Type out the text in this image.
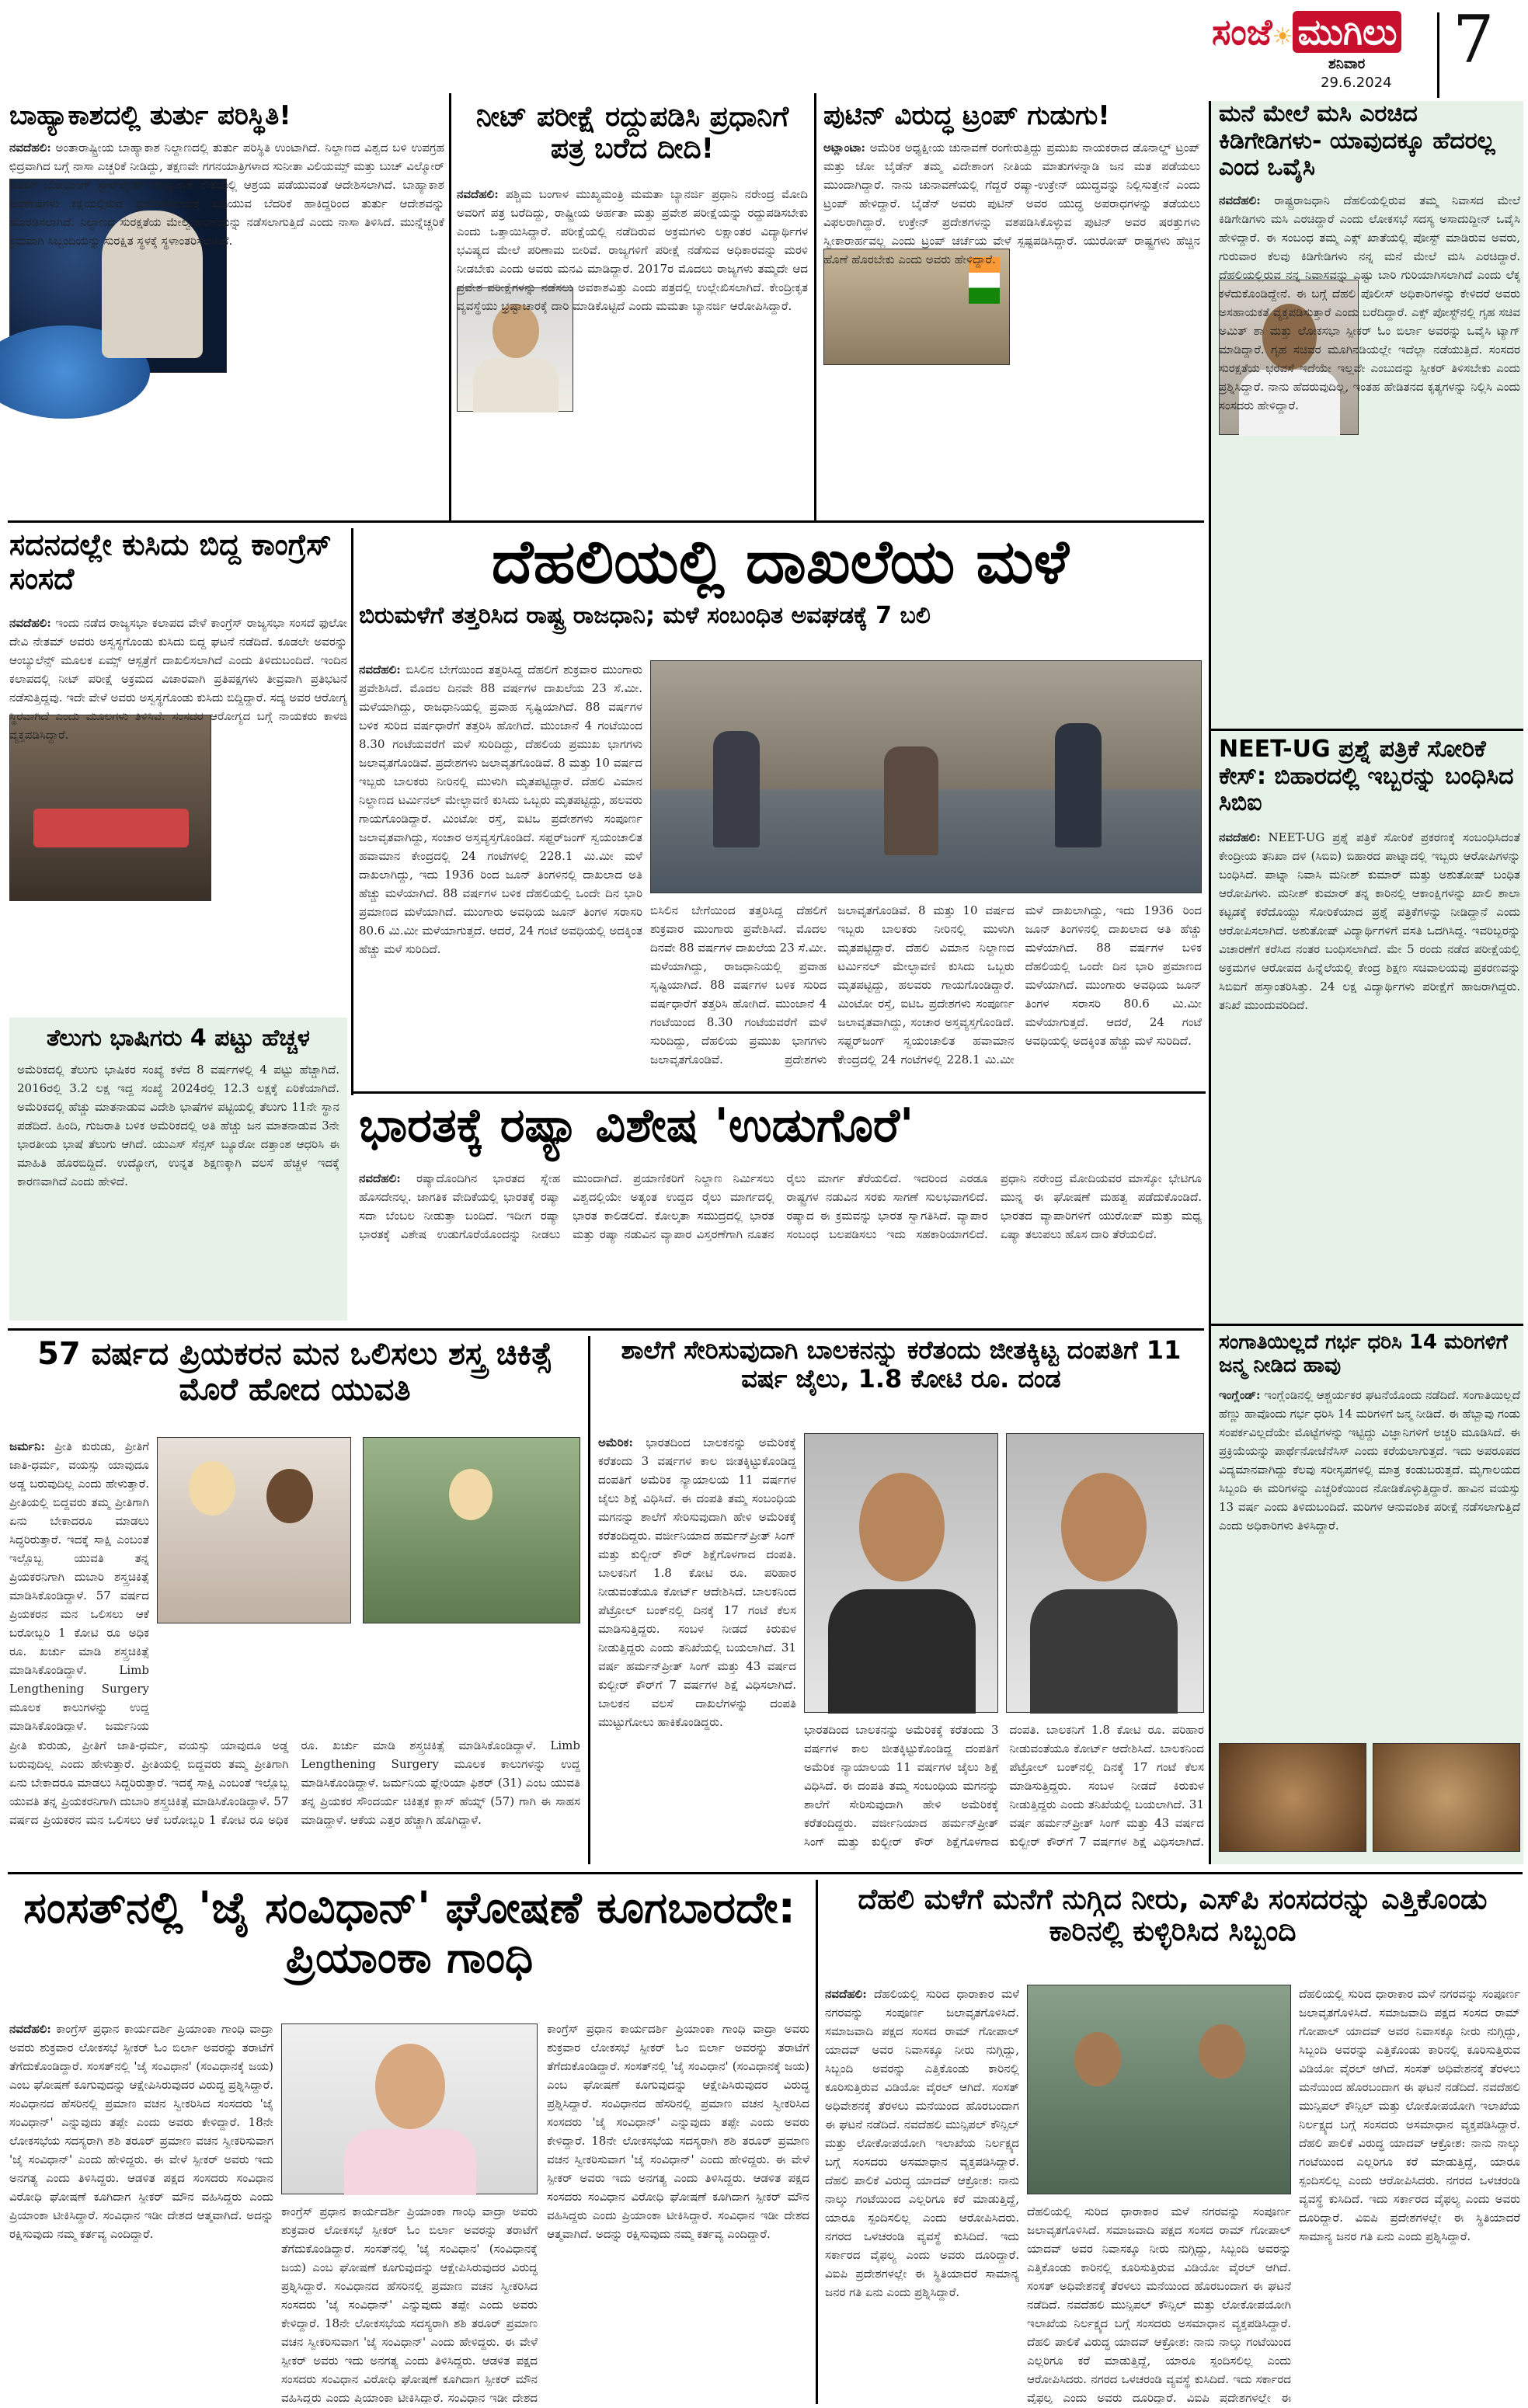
ಸಂಜೆ☀ ಮುಗಿಲು
ಶನಿವಾರ
29.6.2024
7
ಬಾಹ್ಯಾಕಾಶದಲ್ಲಿ ತುರ್ತು ಪರಿಸ್ಥಿತಿ!
ನವದೆಹಲಿ: ಅಂತಾರಾಷ್ಟ್ರೀಯ ಬಾಹ್ಯಾಕಾಶ ನಿಲ್ದಾಣದಲ್ಲಿ ತುರ್ತು ಪರಿಸ್ಥಿತಿ ಉಂಟಾಗಿದೆ. ನಿಲ್ದಾಣದ ವಿಶ್ವದ ಬಳಿ ಉಪಗ್ರಹ ಛಿದ್ರವಾಗಿದ ಬಗ್ಗೆ ನಾಸಾ ಎಚ್ಚರಿಕೆ ನೀಡಿದ್ದು, ತಕ್ಷಣವೇ ಗಗನಯಾತ್ರಿಗಳಾದ ಸುನೀತಾ ವಿಲಿಯಮ್ಸ್ ಮತ್ತು ಬುಚ್ ವಿಲ್ಮೋರ್ ಅವರಿಗೆ ಬೋಯಿಂಗ್ ಸ್ಟಾರ್‌ಲೈನರ್ ಬಾಹ್ಯಾಕಾಶ ನೌಕೆಯಲ್ಲಿ ಆಶ್ರಯ ಪಡೆಯುವಂತೆ ಆದೇಶಿಸಲಾಗಿದೆ. ಬಾಹ್ಯಾಕಾಶ ಅವಶೇಷಗಳು ಕಕ್ಷೆಯಲ್ಲಿರುವ ಪ್ರಯೋಗಾಲಯಕ್ಕೆ ಬಡಿಯುವ ಬೆದರಿಕೆ ಹಾಕಿದ್ದರಿಂದ ತುರ್ತು ಆದೇಶವನ್ನು ಹೊರಡಿಸಲಾಗಿದೆ. ನಿಲ್ದಾಣದ ಸುರಕ್ಷತೆಯ ಮೇಲ್ವಿಚಾರಣೆಯನ್ನು ನಡೆಸಲಾಗುತ್ತಿದೆ ಎಂದು ನಾಸಾ ತಿಳಿಸಿದೆ. ಮುನ್ನೆಚ್ಚರಿಕೆ ಕ್ರಮವಾಗಿ ಸಿಬ್ಬಂದಿಯನ್ನು ಸುರಕ್ಷಿತ ಸ್ಥಳಕ್ಕೆ ಸ್ಥಳಾಂತರಿಸಲಾಗಿದೆ.
ನೀಟ್ ಪರೀಕ್ಷೆ ರದ್ದುಪಡಿಸಿ ಪ್ರಧಾನಿಗೆ ಪತ್ರ ಬರೆದ ದೀದಿ!
ನವದೆಹಲಿ: ಪಶ್ಚಿಮ ಬಂಗಾಳ ಮುಖ್ಯಮಂತ್ರಿ ಮಮತಾ ಬ್ಯಾನರ್ಜಿ ಪ್ರಧಾನಿ ನರೇಂದ್ರ ಮೋದಿ ಅವರಿಗೆ ಪತ್ರ ಬರೆದಿದ್ದು, ರಾಷ್ಟ್ರೀಯ ಅರ್ಹತಾ ಮತ್ತು ಪ್ರವೇಶ ಪರೀಕ್ಷೆಯನ್ನು ರದ್ದುಪಡಿಸಬೇಕು ಎಂದು ಒತ್ತಾಯಿಸಿದ್ದಾರೆ. ಪರೀಕ್ಷೆಯಲ್ಲಿ ನಡೆದಿರುವ ಅಕ್ರಮಗಳು ಲಕ್ಷಾಂತರ ವಿದ್ಯಾರ್ಥಿಗಳ ಭವಿಷ್ಯದ ಮೇಲೆ ಪರಿಣಾಮ ಬೀರಿವೆ. ರಾಜ್ಯಗಳಿಗೆ ಪರೀಕ್ಷೆ ನಡೆಸುವ ಅಧಿಕಾರವನ್ನು ಮರಳಿ ನೀಡಬೇಕು ಎಂದು ಅವರು ಮನವಿ ಮಾಡಿದ್ದಾರೆ. 2017ರ ಮೊದಲು ರಾಜ್ಯಗಳು ತಮ್ಮದೇ ಆದ ಪ್ರವೇಶ ಪರೀಕ್ಷೆಗಳನ್ನು ನಡೆಸಲು ಅವಕಾಶವಿತ್ತು ಎಂದು ಪತ್ರದಲ್ಲಿ ಉಲ್ಲೇಖಿಸಲಾಗಿದೆ. ಕೇಂದ್ರೀಕೃತ ವ್ಯವಸ್ಥೆಯು ಭ್ರಷ್ಟಾಚಾರಕ್ಕೆ ದಾರಿ ಮಾಡಿಕೊಟ್ಟಿದೆ ಎಂದು ಮಮತಾ ಬ್ಯಾನರ್ಜಿ ಆರೋಪಿಸಿದ್ದಾರೆ.
ಪುಟಿನ್ ವಿರುದ್ಧ ಟ್ರಂಪ್ ಗುಡುಗು!
ಅಟ್ಲಾಂಟಾ: ಅಮೆರಿಕ ಅಧ್ಯಕ್ಷೀಯ ಚುನಾವಣೆ ರಂಗೇರುತ್ತಿದ್ದು ಪ್ರಮುಖ ನಾಯಕರಾದ ಡೊನಾಲ್ಡ್ ಟ್ರಂಪ್ ಮತ್ತು ಜೋ ಬೈಡೆನ್ ತಮ್ಮ ವಿದೇಶಾಂಗ ನೀತಿಯ ಮಾತುಗಳನ್ನಾಡಿ ಜನ ಮತ ಪಡೆಯಲು ಮುಂದಾಗಿದ್ದಾರೆ. ನಾನು ಚುನಾವಣೆಯಲ್ಲಿ ಗೆದ್ದರೆ ರಷ್ಯಾ-ಉಕ್ರೇನ್ ಯುದ್ಧವನ್ನು ನಿಲ್ಲಿಸುತ್ತೇನೆ ಎಂದು ಟ್ರಂಪ್ ಹೇಳಿದ್ದಾರೆ. ಬೈಡೆನ್ ಅವರು ಪುಟಿನ್ ಅವರ ಯುದ್ಧ ಅಪರಾಧಗಳನ್ನು ತಡೆಯಲು ವಿಫಲರಾಗಿದ್ದಾರೆ. ಉಕ್ರೇನ್ ಪ್ರದೇಶಗಳನ್ನು ವಶಪಡಿಸಿಕೊಳ್ಳುವ ಪುಟಿನ್ ಅವರ ಷರತ್ತುಗಳು ಸ್ವೀಕಾರಾರ್ಹವಲ್ಲ ಎಂದು ಟ್ರಂಪ್ ಚರ್ಚೆಯ ವೇಳೆ ಸ್ಪಷ್ಟಪಡಿಸಿದ್ದಾರೆ. ಯುರೋಪ್ ರಾಷ್ಟ್ರಗಳು ಹೆಚ್ಚಿನ ಹೊಣೆ ಹೊರಬೇಕು ಎಂದು ಅವರು ಹೇಳಿದ್ದಾರೆ.
ಮನೆ ಮೇಲೆ ಮಸಿ ಎರಚಿದ ಕಿಡಿಗೇಡಿಗಳು- ಯಾವುದಕ್ಕೂ ಹೆದರಲ್ಲ ಎಂದ ಒವೈಸಿ
ನವದೆಹಲಿ: ರಾಷ್ಟ್ರರಾಜಧಾನಿ ದೆಹಲಿಯಲ್ಲಿರುವ ತಮ್ಮ ನಿವಾಸದ ಮೇಲೆ ಕಿಡಿಗೇಡಿಗಳು ಮಸಿ ಎರಚಿದ್ದಾರೆ ಎಂದು ಲೋಕಸಭೆ ಸದಸ್ಯ ಅಸಾದುದ್ದೀನ್ ಒವೈಸಿ ಹೇಳಿದ್ದಾರೆ. ಈ ಸಂಬಂಧ ತಮ್ಮ ಎಕ್ಸ್ ಖಾತೆಯಲ್ಲಿ ಪೋಸ್ಟ್ ಮಾಡಿರುವ ಅವರು, ಗುರುವಾರ ಕೆಲವು ಕಿಡಿಗೇಡಿಗಳು ನನ್ನ ಮನೆ ಮೇಲೆ ಮಸಿ ಎರಚಿದ್ದಾರೆ. ದೆಹಲಿಯಲ್ಲಿರುವ ನನ್ನ ನಿವಾಸವನ್ನು ಎಷ್ಟು ಬಾರಿ ಗುರಿಯಾಗಿಸಲಾಗಿದೆ ಎಂದು ಲೆಕ್ಕ ಕಳೆದುಕೊಂಡಿದ್ದೇನೆ. ಈ ಬಗ್ಗೆ ದೆಹಲಿ ಪೊಲೀಸ್ ಅಧಿಕಾರಿಗಳನ್ನು ಕೇಳಿದರೆ ಅವರು ಅಸಹಾಯಕತೆ ವ್ಯಕ್ತಪಡಿಸುತ್ತಾರೆ ಎಂದು ಬರೆದಿದ್ದಾರೆ. ಎಕ್ಸ್ ಪೋಸ್ಟ್‌ನಲ್ಲಿ ಗೃಹ ಸಚಿವ ಅಮಿತ್ ಶಾ ಮತ್ತು ಲೋಕಸಭಾ ಸ್ಪೀಕರ್ ಓಂ ಬಿರ್ಲಾ ಅವರನ್ನು ಒವೈಸಿ ಟ್ಯಾಗ್ ಮಾಡಿದ್ದಾರೆ. ಗೃಹ ಸಚಿವರ ಮೂಗಿನಡಿಯಲ್ಲೇ ಇದೆಲ್ಲಾ ನಡೆಯುತ್ತಿದೆ. ಸಂಸದರ ಸುರಕ್ಷತೆಯ ಭರವಸೆ ಇದೆಯೇ ಇಲ್ಲವೇ ಎಂಬುದನ್ನು ಸ್ಪೀಕರ್ ತಿಳಿಸಬೇಕು ಎಂದು ಪ್ರಶ್ನಿಸಿದ್ದಾರೆ. ನಾನು ಹೆದರುವುದಿಲ್ಲ, ಇಂತಹ ಹೇಡಿತನದ ಕೃತ್ಯಗಳನ್ನು ನಿಲ್ಲಿಸಿ ಎಂದು ಸಂಸದರು ಹೇಳಿದ್ದಾರೆ.
NEET-UG ಪ್ರಶ್ನೆ ಪತ್ರಿಕೆ ಸೋರಿಕೆ ಕೇಸ್: ಬಿಹಾರದಲ್ಲಿ ಇಬ್ಬರನ್ನು ಬಂಧಿಸಿದ ಸಿಬಿಐ
ನವದೆಹಲಿ: NEET-UG ಪ್ರಶ್ನೆ ಪತ್ರಿಕೆ ಸೋರಿಕೆ ಪ್ರಕರಣಕ್ಕೆ ಸಂಬಂಧಿಸಿದಂತೆ ಕೇಂದ್ರೀಯ ತನಿಖಾ ದಳ (ಸಿಬಿಐ) ಬಿಹಾರದ ಪಾಟ್ನಾದಲ್ಲಿ ಇಬ್ಬರು ಆರೋಪಿಗಳನ್ನು ಬಂಧಿಸಿದೆ. ಪಾಟ್ನಾ ನಿವಾಸಿ ಮನೀಶ್ ಕುಮಾರ್ ಮತ್ತು ಅಶುತೋಷ್ ಬಂಧಿತ ಆರೋಪಿಗಳು. ಮನೀಶ್ ಕುಮಾರ್ ತನ್ನ ಕಾರಿನಲ್ಲಿ ಆಕಾಂಕ್ಷಿಗಳನ್ನು ಖಾಲಿ ಶಾಲಾ ಕಟ್ಟಡಕ್ಕೆ ಕರೆದೊಯ್ದು ಸೋರಿಕೆಯಾದ ಪ್ರಶ್ನೆ ಪತ್ರಿಕೆಗಳನ್ನು ನೀಡಿದ್ದಾನೆ ಎಂದು ಆರೋಪಿಸಲಾಗಿದೆ. ಅಶುತೋಷ್ ವಿದ್ಯಾರ್ಥಿಗಳಿಗೆ ವಸತಿ ಒದಗಿಸಿದ್ದ. ಇವರಿಬ್ಬರನ್ನು ವಿಚಾರಣೆಗೆ ಕರೆಸಿದ ನಂತರ ಬಂಧಿಸಲಾಗಿದೆ. ಮೇ 5 ರಂದು ನಡೆದ ಪರೀಕ್ಷೆಯಲ್ಲಿ ಅಕ್ರಮಗಳ ಆರೋಪದ ಹಿನ್ನೆಲೆಯಲ್ಲಿ ಕೇಂದ್ರ ಶಿಕ್ಷಣ ಸಚಿವಾಲಯವು ಪ್ರಕರಣವನ್ನು ಸಿಬಿಐಗೆ ಹಸ್ತಾಂತರಿಸಿತ್ತು. 24 ಲಕ್ಷ ವಿದ್ಯಾರ್ಥಿಗಳು ಪರೀಕ್ಷೆಗೆ ಹಾಜರಾಗಿದ್ದರು. ತನಿಖೆ ಮುಂದುವರಿದಿದೆ.
ಸಂಗಾತಿಯಿಲ್ಲದೆ ಗರ್ಭ ಧರಿಸಿ 14 ಮರಿಗಳಿಗೆ ಜನ್ಮ ನೀಡಿದ ಹಾವು
ಇಂಗ್ಲೆಂಡ್: ಇಂಗ್ಲೆಂಡಿನಲ್ಲಿ ಆಶ್ಚರ್ಯಕರ ಘಟನೆಯೊಂದು ನಡೆದಿದೆ. ಸಂಗಾತಿಯಿಲ್ಲದೆ ಹೆಣ್ಣು ಹಾವೊಂದು ಗರ್ಭ ಧರಿಸಿ 14 ಮರಿಗಳಿಗೆ ಜನ್ಮ ನೀಡಿದೆ. ಈ ಹೆಬ್ಬಾವು ಗಂಡು ಸಂಪರ್ಕವಿಲ್ಲದೆಯೇ ಮೊಟ್ಟೆಗಳನ್ನು ಇಟ್ಟಿದ್ದು ವಿಜ್ಞಾನಿಗಳಿಗೆ ಅಚ್ಚರಿ ಮೂಡಿಸಿದೆ. ಈ ಪ್ರಕ್ರಿಯೆಯನ್ನು ಪಾರ್ಥೆನೋಜೆನೆಸಿಸ್ ಎಂದು ಕರೆಯಲಾಗುತ್ತದೆ. ಇದು ಅಪರೂಪದ ವಿದ್ಯಮಾನವಾಗಿದ್ದು ಕೆಲವು ಸರೀಸೃಪಗಳಲ್ಲಿ ಮಾತ್ರ ಕಂಡುಬರುತ್ತದೆ. ಮೃಗಾಲಯದ ಸಿಬ್ಬಂದಿ ಈ ಮರಿಗಳನ್ನು ಎಚ್ಚರಿಕೆಯಿಂದ ನೋಡಿಕೊಳ್ಳುತ್ತಿದ್ದಾರೆ. ಹಾವಿನ ವಯಸ್ಸು 13 ವರ್ಷ ಎಂದು ತಿಳಿದುಬಂದಿದೆ. ಮರಿಗಳ ಆನುವಂಶಿಕ ಪರೀಕ್ಷೆ ನಡೆಸಲಾಗುತ್ತಿದೆ ಎಂದು ಅಧಿಕಾರಿಗಳು ತಿಳಿಸಿದ್ದಾರೆ.
ಸದನದಲ್ಲೇ ಕುಸಿದು ಬಿದ್ದ ಕಾಂಗ್ರೆಸ್ ಸಂಸದೆ
ನವದೆಹಲಿ: ಇಂದು ನಡೆದ ರಾಜ್ಯಸಭಾ ಕಲಾಪದ ವೇಳೆ ಕಾಂಗ್ರೆಸ್ ರಾಜ್ಯಸಭಾ ಸಂಸದೆ ಫುಲೋ ದೇವಿ ನೇತಮ್ ಅವರು ಅಸ್ವಸ್ಥಗೊಂಡು ಕುಸಿದು ಬಿದ್ದ ಘಟನೆ ನಡೆದಿದೆ. ಕೂಡಲೇ ಅವರನ್ನು ಆಂಬ್ಯುಲೆನ್ಸ್ ಮೂಲಕ ಏಮ್ಸ್ ಆಸ್ಪತ್ರೆಗೆ ದಾಖಲಿಸಲಾಗಿದೆ ಎಂದು ತಿಳಿದುಬಂದಿದೆ. ಇಂದಿನ ಕಲಾಪದಲ್ಲಿ ನೀಟ್ ಪರೀಕ್ಷೆ ಅಕ್ರಮದ ವಿಚಾರವಾಗಿ ಪ್ರತಿಪಕ್ಷಗಳು ತೀವ್ರವಾಗಿ ಪ್ರತಿಭಟನೆ ನಡೆಸುತ್ತಿದ್ದವು. ಇದೇ ವೇಳೆ ಅವರು ಅಸ್ವಸ್ಥಗೊಂಡು ಕುಸಿದು ಬಿದ್ದಿದ್ದಾರೆ. ಸದ್ಯ ಅವರ ಆರೋಗ್ಯ ಸ್ಥಿರವಾಗಿದೆ ಎಂದು ಮೂಲಗಳು ತಿಳಿಸಿವೆ. ಸಂಸದರ ಆರೋಗ್ಯದ ಬಗ್ಗೆ ನಾಯಕರು ಕಾಳಜಿ ವ್ಯಕ್ತಪಡಿಸಿದ್ದಾರೆ.
ತೆಲುಗು ಭಾಷಿಗರು 4 ಪಟ್ಟು ಹೆಚ್ಚಳ
ಅಮೆರಿಕದಲ್ಲಿ ತೆಲುಗು ಭಾಷಿಕರ ಸಂಖ್ಯೆ ಕಳೆದ 8 ವರ್ಷಗಳಲ್ಲಿ 4 ಪಟ್ಟು ಹೆಚ್ಚಾಗಿದೆ. 2016ರಲ್ಲಿ 3.2 ಲಕ್ಷ ಇದ್ದ ಸಂಖ್ಯೆ 2024ರಲ್ಲಿ 12.3 ಲಕ್ಷಕ್ಕೆ ಏರಿಕೆಯಾಗಿದೆ. ಅಮೆರಿಕದಲ್ಲಿ ಹೆಚ್ಚು ಮಾತನಾಡುವ ವಿದೇಶಿ ಭಾಷೆಗಳ ಪಟ್ಟಿಯಲ್ಲಿ ತೆಲುಗು 11ನೇ ಸ್ಥಾನ ಪಡೆದಿದೆ. ಹಿಂದಿ, ಗುಜರಾತಿ ಬಳಿಕ ಅಮೆರಿಕದಲ್ಲಿ ಅತಿ ಹೆಚ್ಚು ಜನ ಮಾತನಾಡುವ 3ನೇ ಭಾರತೀಯ ಭಾಷೆ ತೆಲುಗು ಆಗಿದೆ. ಯುಎಸ್ ಸೆನ್ಸಸ್ ಬ್ಯೂರೋ ದತ್ತಾಂಶ ಆಧರಿಸಿ ಈ ಮಾಹಿತಿ ಹೊರಬಿದ್ದಿದೆ. ಉದ್ಯೋಗ, ಉನ್ನತ ಶಿಕ್ಷಣಕ್ಕಾಗಿ ವಲಸೆ ಹೆಚ್ಚಳ ಇದಕ್ಕೆ ಕಾರಣವಾಗಿದೆ ಎಂದು ಹೇಳಿದೆ.
ದೆಹಲಿಯಲ್ಲಿ ದಾಖಲೆಯ ಮಳೆ
ಬಿರುಮಳೆಗೆ ತತ್ತರಿಸಿದ ರಾಷ್ಟ್ರ ರಾಜಧಾನಿ; ಮಳೆ ಸಂಬಂಧಿತ ಅವಘಡಕ್ಕೆ 7 ಬಲಿ
ನವದೆಹಲಿ: ಬಿಸಿಲಿನ ಬೇಗೆಯಿಂದ ತತ್ತರಿಸಿದ್ದ ದೆಹಲಿಗೆ ಶುಕ್ರವಾರ ಮುಂಗಾರು ಪ್ರವೇಶಿಸಿದೆ. ಮೊದಲ ದಿನವೇ 88 ವರ್ಷಗಳ ದಾಖಲೆಯ 23 ಸೆ.ಮೀ. ಮಳೆಯಾಗಿದ್ದು, ರಾಜಧಾನಿಯಲ್ಲಿ ಪ್ರವಾಹ ಸೃಷ್ಟಿಯಾಗಿದೆ. 88 ವರ್ಷಗಳ ಬಳಿಕ ಸುರಿದ ವರ್ಷಧಾರೆಗೆ ತತ್ತರಿಸಿ ಹೋಗಿದೆ. ಮುಂಜಾನೆ 4 ಗಂಟೆಯಿಂದ 8.30 ಗಂಟೆಯವರೆಗೆ ಮಳೆ ಸುರಿದಿದ್ದು, ದೆಹಲಿಯ ಪ್ರಮುಖ ಭಾಗಗಳು ಜಲಾವೃತಗೊಂಡಿವೆ. ಪ್ರದೇಶಗಳು ಜಲಾವೃತಗೊಂಡಿವೆ. 8 ಮತ್ತು 10 ವರ್ಷದ ಇಬ್ಬರು ಬಾಲಕರು ನೀರಿನಲ್ಲಿ ಮುಳುಗಿ ಮೃತಪಟ್ಟಿದ್ದಾರೆ. ದೆಹಲಿ ವಿಮಾನ ನಿಲ್ದಾಣದ ಟರ್ಮಿನಲ್ ಮೇಲ್ಛಾವಣಿ ಕುಸಿದು ಒಬ್ಬರು ಮೃತಪಟ್ಟಿದ್ದು, ಹಲವರು ಗಾಯಗೊಂಡಿದ್ದಾರೆ. ಮಿಂಟೋ ರಸ್ತೆ, ಐಟಿಒ ಪ್ರದೇಶಗಳು ಸಂಪೂರ್ಣ ಜಲಾವೃತವಾಗಿದ್ದು, ಸಂಚಾರ ಅಸ್ತವ್ಯಸ್ತಗೊಂಡಿದೆ. ಸಫ್ದರ್‌ಜಂಗ್ ಸ್ವಯಂಚಾಲಿತ ಹವಾಮಾನ ಕೇಂದ್ರದಲ್ಲಿ 24 ಗಂಟೆಗಳಲ್ಲಿ 228.1 ಮಿ.ಮೀ ಮಳೆ ದಾಖಲಾಗಿದ್ದು, ಇದು 1936 ರಿಂದ ಜೂನ್ ತಿಂಗಳಿನಲ್ಲಿ ದಾಖಲಾದ ಅತಿ ಹೆಚ್ಚು ಮಳೆಯಾಗಿದೆ. 88 ವರ್ಷಗಳ ಬಳಿಕ ದೆಹಲಿಯಲ್ಲಿ ಒಂದೇ ದಿನ ಭಾರಿ ಪ್ರಮಾಣದ ಮಳೆಯಾಗಿದೆ. ಮುಂಗಾರು ಅವಧಿಯ ಜೂನ್ ತಿಂಗಳ ಸರಾಸರಿ 80.6 ಮಿ.ಮೀ ಮಳೆಯಾಗುತ್ತದೆ. ಆದರೆ, 24 ಗಂಟೆ ಅವಧಿಯಲ್ಲಿ ಅದಕ್ಕಿಂತ ಹೆಚ್ಚು ಮಳೆ ಸುರಿದಿದೆ.
ಬಿಸಿಲಿನ ಬೇಗೆಯಿಂದ ತತ್ತರಿಸಿದ್ದ ದೆಹಲಿಗೆ ಶುಕ್ರವಾರ ಮುಂಗಾರು ಪ್ರವೇಶಿಸಿದೆ. ಮೊದಲ ದಿನವೇ 88 ವರ್ಷಗಳ ದಾಖಲೆಯ 23 ಸೆ.ಮೀ. ಮಳೆಯಾಗಿದ್ದು, ರಾಜಧಾನಿಯಲ್ಲಿ ಪ್ರವಾಹ ಸೃಷ್ಟಿಯಾಗಿದೆ. 88 ವರ್ಷಗಳ ಬಳಿಕ ಸುರಿದ ವರ್ಷಧಾರೆಗೆ ತತ್ತರಿಸಿ ಹೋಗಿದೆ. ಮುಂಜಾನೆ 4 ಗಂಟೆಯಿಂದ 8.30 ಗಂಟೆಯವರೆಗೆ ಮಳೆ ಸುರಿದಿದ್ದು, ದೆಹಲಿಯ ಪ್ರಮುಖ ಭಾಗಗಳು ಜಲಾವೃತಗೊಂಡಿವೆ. ಪ್ರದೇಶಗಳು ಜಲಾವೃತಗೊಂಡಿವೆ. 8 ಮತ್ತು 10 ವರ್ಷದ ಇಬ್ಬರು ಬಾಲಕರು ನೀರಿನಲ್ಲಿ ಮುಳುಗಿ ಮೃತಪಟ್ಟಿದ್ದಾರೆ. ದೆಹಲಿ ವಿಮಾನ ನಿಲ್ದಾಣದ ಟರ್ಮಿನಲ್ ಮೇಲ್ಛಾವಣಿ ಕುಸಿದು ಒಬ್ಬರು ಮೃತಪಟ್ಟಿದ್ದು, ಹಲವರು ಗಾಯಗೊಂಡಿದ್ದಾರೆ. ಮಿಂಟೋ ರಸ್ತೆ, ಐಟಿಒ ಪ್ರದೇಶಗಳು ಸಂಪೂರ್ಣ ಜಲಾವೃತವಾಗಿದ್ದು, ಸಂಚಾರ ಅಸ್ತವ್ಯಸ್ತಗೊಂಡಿದೆ. ಸಫ್ದರ್‌ಜಂಗ್ ಸ್ವಯಂಚಾಲಿತ ಹವಾಮಾನ ಕೇಂದ್ರದಲ್ಲಿ 24 ಗಂಟೆಗಳಲ್ಲಿ 228.1 ಮಿ.ಮೀ ಮಳೆ ದಾಖಲಾಗಿದ್ದು, ಇದು 1936 ರಿಂದ ಜೂನ್ ತಿಂಗಳಿನಲ್ಲಿ ದಾಖಲಾದ ಅತಿ ಹೆಚ್ಚು ಮಳೆಯಾಗಿದೆ. 88 ವರ್ಷಗಳ ಬಳಿಕ ದೆಹಲಿಯಲ್ಲಿ ಒಂದೇ ದಿನ ಭಾರಿ ಪ್ರಮಾಣದ ಮಳೆಯಾಗಿದೆ. ಮುಂಗಾರು ಅವಧಿಯ ಜೂನ್ ತಿಂಗಳ ಸರಾಸರಿ 80.6 ಮಿ.ಮೀ ಮಳೆಯಾಗುತ್ತದೆ. ಆದರೆ, 24 ಗಂಟೆ ಅವಧಿಯಲ್ಲಿ ಅದಕ್ಕಿಂತ ಹೆಚ್ಚು ಮಳೆ ಸುರಿದಿದೆ.
ಭಾರತಕ್ಕೆ ರಷ್ಯಾ ವಿಶೇಷ 'ಉಡುಗೊರೆ'
ನವದೆಹಲಿ: ರಷ್ಯಾದೊಂದಿಗಿನ ಭಾರತದ ಸ್ನೇಹ ಹೊಸದೇನಲ್ಲ. ಜಾಗತಿಕ ವೇದಿಕೆಯಲ್ಲಿ ಭಾರತಕ್ಕೆ ರಷ್ಯಾ ಸದಾ ಬೆಂಬಲ ನೀಡುತ್ತಾ ಬಂದಿದೆ. ಇದೀಗ ರಷ್ಯಾ ಭಾರತಕ್ಕೆ ವಿಶೇಷ ಉಡುಗೊರೆಯೊಂದನ್ನು ನೀಡಲು ಮುಂದಾಗಿದೆ. ಪ್ರಯಾಣಿಕರಿಗೆ ನಿಲ್ದಾಣ ನಿರ್ಮಿಸಲು ವಿಶ್ವದಲ್ಲಿಯೇ ಅತ್ಯಂತ ಉದ್ದದ ರೈಲು ಮಾರ್ಗದಲ್ಲಿ ಭಾರತ ಕಾಲಿಡಲಿದೆ. ಕೋಲ್ಕತಾ ಸಮುದ್ರದಲ್ಲಿ ಭಾರತ ಮತ್ತು ರಷ್ಯಾ ನಡುವಿನ ವ್ಯಾಪಾರ ವಿಸ್ತರಣೆಗಾಗಿ ನೂತನ ರೈಲು ಮಾರ್ಗ ತೆರೆಯಲಿದೆ. ಇದರಿಂದ ಎರಡೂ ರಾಷ್ಟ್ರಗಳ ನಡುವಿನ ಸರಕು ಸಾಗಣೆ ಸುಲಭವಾಗಲಿದೆ. ರಷ್ಯಾದ ಈ ಕ್ರಮವನ್ನು ಭಾರತ ಸ್ವಾಗತಿಸಿದೆ. ವ್ಯಾಪಾರ ಸಂಬಂಧ ಬಲಪಡಿಸಲು ಇದು ಸಹಕಾರಿಯಾಗಲಿದೆ. ಪ್ರಧಾನಿ ನರೇಂದ್ರ ಮೋದಿಯವರ ಮಾಸ್ಕೋ ಭೇಟಿಗೂ ಮುನ್ನ ಈ ಘೋಷಣೆ ಮಹತ್ವ ಪಡೆದುಕೊಂಡಿದೆ. ಭಾರತದ ವ್ಯಾಪಾರಿಗಳಿಗೆ ಯುರೋಪ್ ಮತ್ತು ಮಧ್ಯ ಏಷ್ಯಾ ತಲುಪಲು ಹೊಸ ದಾರಿ ತೆರೆಯಲಿದೆ.
57 ವರ್ಷದ ಪ್ರಿಯಕರನ ಮನ ಒಲಿಸಲು ಶಸ್ತ್ರ ಚಿಕಿತ್ಸೆ ಮೊರೆ ಹೋದ ಯುವತಿ
ಜರ್ಮನಿ: ಪ್ರೀತಿ ಕುರುಡು, ಪ್ರೀತಿಗೆ ಜಾತಿ-ಧರ್ಮ, ವಯಸ್ಸು ಯಾವುದೂ ಅಡ್ಡ ಬರುವುದಿಲ್ಲ ಎಂದು ಹೇಳುತ್ತಾರೆ. ಪ್ರೀತಿಯಲ್ಲಿ ಬಿದ್ದವರು ತಮ್ಮ ಪ್ರೀತಿಗಾಗಿ ಏನು ಬೇಕಾದರೂ ಮಾಡಲು ಸಿದ್ಧರಿರುತ್ತಾರೆ. ಇದಕ್ಕೆ ಸಾಕ್ಷಿ ಎಂಬಂತೆ ಇಲ್ಲೊಬ್ಬ ಯುವತಿ ತನ್ನ ಪ್ರಿಯಕರನಿಗಾಗಿ ದುಬಾರಿ ಶಸ್ತ್ರಚಿಕಿತ್ಸೆ ಮಾಡಿಸಿಕೊಂಡಿದ್ದಾಳೆ. 57 ವರ್ಷದ ಪ್ರಿಯಕರನ ಮನ ಒಲಿಸಲು ಆಕೆ ಬರೋಬ್ಬರಿ 1 ಕೋಟಿ ರೂ ಅಧಿಕ ರೂ. ಖರ್ಚು ಮಾಡಿ ಶಸ್ತ್ರಚಿಕಿತ್ಸೆ ಮಾಡಿಸಿಕೊಂಡಿದ್ದಾಳೆ. Limb Lengthening Surgery ಮೂಲಕ ಕಾಲುಗಳನ್ನು ಉದ್ದ ಮಾಡಿಸಿಕೊಂಡಿದ್ದಾಳೆ. ಜರ್ಮನಿಯ
ಪ್ರೀತಿ ಕುರುಡು, ಪ್ರೀತಿಗೆ ಜಾತಿ-ಧರ್ಮ, ವಯಸ್ಸು ಯಾವುದೂ ಅಡ್ಡ ಬರುವುದಿಲ್ಲ ಎಂದು ಹೇಳುತ್ತಾರೆ. ಪ್ರೀತಿಯಲ್ಲಿ ಬಿದ್ದವರು ತಮ್ಮ ಪ್ರೀತಿಗಾಗಿ ಏನು ಬೇಕಾದರೂ ಮಾಡಲು ಸಿದ್ಧರಿರುತ್ತಾರೆ. ಇದಕ್ಕೆ ಸಾಕ್ಷಿ ಎಂಬಂತೆ ಇಲ್ಲೊಬ್ಬ ಯುವತಿ ತನ್ನ ಪ್ರಿಯಕರನಿಗಾಗಿ ದುಬಾರಿ ಶಸ್ತ್ರಚಿಕಿತ್ಸೆ ಮಾಡಿಸಿಕೊಂಡಿದ್ದಾಳೆ. 57 ವರ್ಷದ ಪ್ರಿಯಕರನ ಮನ ಒಲಿಸಲು ಆಕೆ ಬರೋಬ್ಬರಿ 1 ಕೋಟಿ ರೂ ಅಧಿಕ ರೂ. ಖರ್ಚು ಮಾಡಿ ಶಸ್ತ್ರಚಿಕಿತ್ಸೆ ಮಾಡಿಸಿಕೊಂಡಿದ್ದಾಳೆ. Limb Lengthening Surgery ಮೂಲಕ ಕಾಲುಗಳನ್ನು ಉದ್ದ ಮಾಡಿಸಿಕೊಂಡಿದ್ದಾಳೆ. ಜರ್ಮನಿಯ ಫ್ಲೇರಿಯಾ ಫಿಶರ್ (31) ಎಂಬ ಯುವತಿ ತನ್ನ ಪ್ರಿಯಕರ ಸೌಂದರ್ಯ ಚಿಕಿತ್ಸಕ ಕ್ಲಾಸ್ ಹೆಯ್ನ್ (57) ಗಾಗಿ ಈ ಸಾಹಸ ಮಾಡಿದ್ದಾಳೆ. ಆಕೆಯ ಎತ್ತರ ಹೆಚ್ಚಾಗಿ ಹೊಗಿದ್ದಾಳೆ.
ಶಾಲೆಗೆ ಸೇರಿಸುವುದಾಗಿ ಬಾಲಕನನ್ನು ಕರೆತಂದು ಜೀತಕ್ಕಿಟ್ಟ ದಂಪತಿಗೆ 11 ವರ್ಷ ಜೈಲು, 1.8 ಕೋಟಿ ರೂ. ದಂಡ
ಅಮೆರಿಕ: ಭಾರತದಿಂದ ಬಾಲಕನನ್ನು ಅಮೆರಿಕಕ್ಕೆ ಕರೆತಂದು 3 ವರ್ಷಗಳ ಕಾಲ ಜೀತಕ್ಕಿಟ್ಟುಕೊಂಡಿದ್ದ ದಂಪತಿಗೆ ಅಮೆರಿಕ ನ್ಯಾಯಾಲಯ 11 ವರ್ಷಗಳ ಜೈಲು ಶಿಕ್ಷೆ ವಿಧಿಸಿದೆ. ಈ ದಂಪತಿ ತಮ್ಮ ಸಂಬಂಧಿಯ ಮಗನನ್ನು ಶಾಲೆಗೆ ಸೇರಿಸುವುದಾಗಿ ಹೇಳಿ ಅಮೆರಿಕಕ್ಕೆ ಕರೆತಂದಿದ್ದರು. ವರ್ಜೀನಿಯಾದ ಹರ್ಮನ್‌ಪ್ರೀತ್ ಸಿಂಗ್ ಮತ್ತು ಕುಲ್ಬೀರ್ ಕೌರ್ ಶಿಕ್ಷೆಗೊಳಗಾದ ದಂಪತಿ. ಬಾಲಕನಿಗೆ 1.8 ಕೋಟಿ ರೂ. ಪರಿಹಾರ ನೀಡುವಂತೆಯೂ ಕೋರ್ಟ್ ಆದೇಶಿಸಿದೆ. ಬಾಲಕನಿಂದ ಪೆಟ್ರೋಲ್ ಬಂಕ್‌ನಲ್ಲಿ ದಿನಕ್ಕೆ 17 ಗಂಟೆ ಕೆಲಸ ಮಾಡಿಸುತ್ತಿದ್ದರು. ಸಂಬಳ ನೀಡದೆ ಕಿರುಕುಳ ನೀಡುತ್ತಿದ್ದರು ಎಂದು ತನಿಖೆಯಲ್ಲಿ ಬಯಲಾಗಿದೆ. 31 ವರ್ಷ ಹರ್ಮನ್‌ಪ್ರೀತ್ ಸಿಂಗ್ ಮತ್ತು 43 ವರ್ಷದ ಕುಲ್ಬೀರ್ ಕೌರ್‌ಗೆ 7 ವರ್ಷಗಳ ಶಿಕ್ಷೆ ವಿಧಿಸಲಾಗಿದೆ. ಬಾಲಕನ ವಲಸೆ ದಾಖಲೆಗಳನ್ನು ದಂಪತಿ ಮುಟ್ಟುಗೋಲು ಹಾಕಿಕೊಂಡಿದ್ದರು.
ಭಾರತದಿಂದ ಬಾಲಕನನ್ನು ಅಮೆರಿಕಕ್ಕೆ ಕರೆತಂದು 3 ವರ್ಷಗಳ ಕಾಲ ಜೀತಕ್ಕಿಟ್ಟುಕೊಂಡಿದ್ದ ದಂಪತಿಗೆ ಅಮೆರಿಕ ನ್ಯಾಯಾಲಯ 11 ವರ್ಷಗಳ ಜೈಲು ಶಿಕ್ಷೆ ವಿಧಿಸಿದೆ. ಈ ದಂಪತಿ ತಮ್ಮ ಸಂಬಂಧಿಯ ಮಗನನ್ನು ಶಾಲೆಗೆ ಸೇರಿಸುವುದಾಗಿ ಹೇಳಿ ಅಮೆರಿಕಕ್ಕೆ ಕರೆತಂದಿದ್ದರು. ವರ್ಜೀನಿಯಾದ ಹರ್ಮನ್‌ಪ್ರೀತ್ ಸಿಂಗ್ ಮತ್ತು ಕುಲ್ಬೀರ್ ಕೌರ್ ಶಿಕ್ಷೆಗೊಳಗಾದ ದಂಪತಿ. ಬಾಲಕನಿಗೆ 1.8 ಕೋಟಿ ರೂ. ಪರಿಹಾರ ನೀಡುವಂತೆಯೂ ಕೋರ್ಟ್ ಆದೇಶಿಸಿದೆ. ಬಾಲಕನಿಂದ ಪೆಟ್ರೋಲ್ ಬಂಕ್‌ನಲ್ಲಿ ದಿನಕ್ಕೆ 17 ಗಂಟೆ ಕೆಲಸ ಮಾಡಿಸುತ್ತಿದ್ದರು. ಸಂಬಳ ನೀಡದೆ ಕಿರುಕುಳ ನೀಡುತ್ತಿದ್ದರು ಎಂದು ತನಿಖೆಯಲ್ಲಿ ಬಯಲಾಗಿದೆ. 31 ವರ್ಷ ಹರ್ಮನ್‌ಪ್ರೀತ್ ಸಿಂಗ್ ಮತ್ತು 43 ವರ್ಷದ ಕುಲ್ಬೀರ್ ಕೌರ್‌ಗೆ 7 ವರ್ಷಗಳ ಶಿಕ್ಷೆ ವಿಧಿಸಲಾಗಿದೆ.
ಸಂಸತ್‌ನಲ್ಲಿ 'ಜೈ ಸಂವಿಧಾನ್' ಘೋಷಣೆ ಕೂಗಬಾರದೇ: ಪ್ರಿಯಾಂಕಾ ಗಾಂಧಿ
ನವದೆಹಲಿ: ಕಾಂಗ್ರೆಸ್ ಪ್ರಧಾನ ಕಾರ್ಯದರ್ಶಿ ಪ್ರಿಯಾಂಕಾ ಗಾಂಧಿ ವಾದ್ರಾ ಅವರು ಶುಕ್ರವಾರ ಲೋಕಸಭೆ ಸ್ಪೀಕರ್ ಓಂ ಬಿರ್ಲಾ ಅವರನ್ನು ತರಾಟೆಗೆ ತೆಗೆದುಕೊಂಡಿದ್ದಾರೆ. ಸಂಸತ್‌ನಲ್ಲಿ 'ಜೈ ಸಂವಿಧಾನ' (ಸಂವಿಧಾನಕ್ಕೆ ಜಯ) ಎಂಬ ಘೋಷಣೆ ಕೂಗುವುದನ್ನು ಆಕ್ಷೇಪಿಸಿರುವುದರ ವಿರುದ್ಧ ಪ್ರಶ್ನಿಸಿದ್ದಾರೆ. ಸಂವಿಧಾನದ ಹೆಸರಿನಲ್ಲಿ ಪ್ರಮಾಣ ವಚನ ಸ್ವೀಕರಿಸಿದ ಸಂಸದರು 'ಜೈ ಸಂವಿಧಾನ್' ಎನ್ನುವುದು ತಪ್ಪೇ ಎಂದು ಅವರು ಕೇಳಿದ್ದಾರೆ. 18ನೇ ಲೋಕಸಭೆಯ ಸದಸ್ಯರಾಗಿ ಶಶಿ ತರೂರ್ ಪ್ರಮಾಣ ವಚನ ಸ್ವೀಕರಿಸುವಾಗ 'ಜೈ ಸಂವಿಧಾನ್' ಎಂದು ಹೇಳಿದ್ದರು. ಈ ವೇಳೆ ಸ್ಪೀಕರ್ ಅವರು ಇದು ಅನಗತ್ಯ ಎಂದು ತಿಳಿಸಿದ್ದರು. ಆಡಳಿತ ಪಕ್ಷದ ಸಂಸದರು ಸಂವಿಧಾನ ವಿರೋಧಿ ಘೋಷಣೆ ಕೂಗಿದಾಗ ಸ್ಪೀಕರ್ ಮೌನ ವಹಿಸಿದ್ದರು ಎಂದು ಪ್ರಿಯಾಂಕಾ ಟೀಕಿಸಿದ್ದಾರೆ. ಸಂವಿಧಾನ ಇಡೀ ದೇಶದ ಆತ್ಮವಾಗಿದೆ. ಅದನ್ನು ರಕ್ಷಿಸುವುದು ನಮ್ಮ ಕರ್ತವ್ಯ ಎಂದಿದ್ದಾರೆ.
ಕಾಂಗ್ರೆಸ್ ಪ್ರಧಾನ ಕಾರ್ಯದರ್ಶಿ ಪ್ರಿಯಾಂಕಾ ಗಾಂಧಿ ವಾದ್ರಾ ಅವರು ಶುಕ್ರವಾರ ಲೋಕಸಭೆ ಸ್ಪೀಕರ್ ಓಂ ಬಿರ್ಲಾ ಅವರನ್ನು ತರಾಟೆಗೆ ತೆಗೆದುಕೊಂಡಿದ್ದಾರೆ. ಸಂಸತ್‌ನಲ್ಲಿ 'ಜೈ ಸಂವಿಧಾನ' (ಸಂವಿಧಾನಕ್ಕೆ ಜಯ) ಎಂಬ ಘೋಷಣೆ ಕೂಗುವುದನ್ನು ಆಕ್ಷೇಪಿಸಿರುವುದರ ವಿರುದ್ಧ ಪ್ರಶ್ನಿಸಿದ್ದಾರೆ. ಸಂವಿಧಾನದ ಹೆಸರಿನಲ್ಲಿ ಪ್ರಮಾಣ ವಚನ ಸ್ವೀಕರಿಸಿದ ಸಂಸದರು 'ಜೈ ಸಂವಿಧಾನ್' ಎನ್ನುವುದು ತಪ್ಪೇ ಎಂದು ಅವರು ಕೇಳಿದ್ದಾರೆ. 18ನೇ ಲೋಕಸಭೆಯ ಸದಸ್ಯರಾಗಿ ಶಶಿ ತರೂರ್ ಪ್ರಮಾಣ ವಚನ ಸ್ವೀಕರಿಸುವಾಗ 'ಜೈ ಸಂವಿಧಾನ್' ಎಂದು ಹೇಳಿದ್ದರು. ಈ ವೇಳೆ ಸ್ಪೀಕರ್ ಅವರು ಇದು ಅನಗತ್ಯ ಎಂದು ತಿಳಿಸಿದ್ದರು. ಆಡಳಿತ ಪಕ್ಷದ ಸಂಸದರು ಸಂವಿಧಾನ ವಿರೋಧಿ ಘೋಷಣೆ ಕೂಗಿದಾಗ ಸ್ಪೀಕರ್ ಮೌನ ವಹಿಸಿದ್ದರು ಎಂದು ಪ್ರಿಯಾಂಕಾ ಟೀಕಿಸಿದ್ದಾರೆ. ಸಂವಿಧಾನ ಇಡೀ ದೇಶದ
ಕಾಂಗ್ರೆಸ್ ಪ್ರಧಾನ ಕಾರ್ಯದರ್ಶಿ ಪ್ರಿಯಾಂಕಾ ಗಾಂಧಿ ವಾದ್ರಾ ಅವರು ಶುಕ್ರವಾರ ಲೋಕಸಭೆ ಸ್ಪೀಕರ್ ಓಂ ಬಿರ್ಲಾ ಅವರನ್ನು ತರಾಟೆಗೆ ತೆಗೆದುಕೊಂಡಿದ್ದಾರೆ. ಸಂಸತ್‌ನಲ್ಲಿ 'ಜೈ ಸಂವಿಧಾನ' (ಸಂವಿಧಾನಕ್ಕೆ ಜಯ) ಎಂಬ ಘೋಷಣೆ ಕೂಗುವುದನ್ನು ಆಕ್ಷೇಪಿಸಿರುವುದರ ವಿರುದ್ಧ ಪ್ರಶ್ನಿಸಿದ್ದಾರೆ. ಸಂವಿಧಾನದ ಹೆಸರಿನಲ್ಲಿ ಪ್ರಮಾಣ ವಚನ ಸ್ವೀಕರಿಸಿದ ಸಂಸದರು 'ಜೈ ಸಂವಿಧಾನ್' ಎನ್ನುವುದು ತಪ್ಪೇ ಎಂದು ಅವರು ಕೇಳಿದ್ದಾರೆ. 18ನೇ ಲೋಕಸಭೆಯ ಸದಸ್ಯರಾಗಿ ಶಶಿ ತರೂರ್ ಪ್ರಮಾಣ ವಚನ ಸ್ವೀಕರಿಸುವಾಗ 'ಜೈ ಸಂವಿಧಾನ್' ಎಂದು ಹೇಳಿದ್ದರು. ಈ ವೇಳೆ ಸ್ಪೀಕರ್ ಅವರು ಇದು ಅನಗತ್ಯ ಎಂದು ತಿಳಿಸಿದ್ದರು. ಆಡಳಿತ ಪಕ್ಷದ ಸಂಸದರು ಸಂವಿಧಾನ ವಿರೋಧಿ ಘೋಷಣೆ ಕೂಗಿದಾಗ ಸ್ಪೀಕರ್ ಮೌನ ವಹಿಸಿದ್ದರು ಎಂದು ಪ್ರಿಯಾಂಕಾ ಟೀಕಿಸಿದ್ದಾರೆ. ಸಂವಿಧಾನ ಇಡೀ ದೇಶದ ಆತ್ಮವಾಗಿದೆ. ಅದನ್ನು ರಕ್ಷಿಸುವುದು ನಮ್ಮ ಕರ್ತವ್ಯ ಎಂದಿದ್ದಾರೆ.
ದೆಹಲಿ ಮಳೆಗೆ ಮನೆಗೆ ನುಗ್ಗಿದ ನೀರು, ಎಸ್‌ಪಿ ಸಂಸದರನ್ನು ಎತ್ತಿಕೊಂಡು ಕಾರಿನಲ್ಲಿ ಕುಳ್ಳಿರಿಸಿದ ಸಿಬ್ಬಂದಿ
ನವದೆಹಲಿ: ದೆಹಲಿಯಲ್ಲಿ ಸುರಿದ ಧಾರಾಕಾರ ಮಳೆ ನಗರವನ್ನು ಸಂಪೂರ್ಣ ಜಲಾವೃತಗೊಳಿಸಿದೆ. ಸಮಾಜವಾದಿ ಪಕ್ಷದ ಸಂಸದ ರಾಮ್ ಗೋಪಾಲ್ ಯಾದವ್ ಅವರ ನಿವಾಸಕ್ಕೂ ನೀರು ನುಗ್ಗಿದ್ದು, ಸಿಬ್ಬಂದಿ ಅವರನ್ನು ಎತ್ತಿಕೊಂಡು ಕಾರಿನಲ್ಲಿ ಕೂರಿಸುತ್ತಿರುವ ವಿಡಿಯೋ ವೈರಲ್ ಆಗಿದೆ. ಸಂಸತ್ ಅಧಿವೇಶನಕ್ಕೆ ತೆರಳಲು ಮನೆಯಿಂದ ಹೊರಬಂದಾಗ ಈ ಘಟನೆ ನಡೆದಿದೆ. ನವದೆಹಲಿ ಮುನ್ಸಿಪಲ್ ಕೌನ್ಸಿಲ್ ಮತ್ತು ಲೋಕೋಪಯೋಗಿ ಇಲಾಖೆಯ ನಿರ್ಲಕ್ಷ್ಯದ ಬಗ್ಗೆ ಸಂಸದರು ಅಸಮಾಧಾನ ವ್ಯಕ್ತಪಡಿಸಿದ್ದಾರೆ. ದೆಹಲಿ ಪಾಲಿಕೆ ವಿರುದ್ಧ ಯಾದವ್ ಆಕ್ರೋಶ: ನಾನು ನಾಲ್ಕು ಗಂಟೆಯಿಂದ ಎಲ್ಲರಿಗೂ ಕರೆ ಮಾಡುತ್ತಿದ್ದೆ, ಯಾರೂ ಸ್ಪಂದಿಸಲಿಲ್ಲ ಎಂದು ಆರೋಪಿಸಿದರು. ನಗರದ ಒಳಚರಂಡಿ ವ್ಯವಸ್ಥೆ ಕುಸಿದಿದೆ. ಇದು ಸರ್ಕಾರದ ವೈಫಲ್ಯ ಎಂದು ಅವರು ದೂರಿದ್ದಾರೆ. ವಿಐಪಿ ಪ್ರದೇಶಗಳಲ್ಲೇ ಈ ಸ್ಥಿತಿಯಾದರೆ ಸಾಮಾನ್ಯ ಜನರ ಗತಿ ಏನು ಎಂದು ಪ್ರಶ್ನಿಸಿದ್ದಾರೆ.
ದೆಹಲಿಯಲ್ಲಿ ಸುರಿದ ಧಾರಾಕಾರ ಮಳೆ ನಗರವನ್ನು ಸಂಪೂರ್ಣ ಜಲಾವೃತಗೊಳಿಸಿದೆ. ಸಮಾಜವಾದಿ ಪಕ್ಷದ ಸಂಸದ ರಾಮ್ ಗೋಪಾಲ್ ಯಾದವ್ ಅವರ ನಿವಾಸಕ್ಕೂ ನೀರು ನುಗ್ಗಿದ್ದು, ಸಿಬ್ಬಂದಿ ಅವರನ್ನು ಎತ್ತಿಕೊಂಡು ಕಾರಿನಲ್ಲಿ ಕೂರಿಸುತ್ತಿರುವ ವಿಡಿಯೋ ವೈರಲ್ ಆಗಿದೆ. ಸಂಸತ್ ಅಧಿವೇಶನಕ್ಕೆ ತೆರಳಲು ಮನೆಯಿಂದ ಹೊರಬಂದಾಗ ಈ ಘಟನೆ ನಡೆದಿದೆ. ನವದೆಹಲಿ ಮುನ್ಸಿಪಲ್ ಕೌನ್ಸಿಲ್ ಮತ್ತು ಲೋಕೋಪಯೋಗಿ ಇಲಾಖೆಯ ನಿರ್ಲಕ್ಷ್ಯದ ಬಗ್ಗೆ ಸಂಸದರು ಅಸಮಾಧಾನ ವ್ಯಕ್ತಪಡಿಸಿದ್ದಾರೆ. ದೆಹಲಿ ಪಾಲಿಕೆ ವಿರುದ್ಧ ಯಾದವ್ ಆಕ್ರೋಶ: ನಾನು ನಾಲ್ಕು ಗಂಟೆಯಿಂದ ಎಲ್ಲರಿಗೂ ಕರೆ ಮಾಡುತ್ತಿದ್ದೆ, ಯಾರೂ ಸ್ಪಂದಿಸಲಿಲ್ಲ ಎಂದು ಆರೋಪಿಸಿದರು. ನಗರದ ಒಳಚರಂಡಿ ವ್ಯವಸ್ಥೆ ಕುಸಿದಿದೆ. ಇದು ಸರ್ಕಾರದ ವೈಫಲ್ಯ ಎಂದು ಅವರು ದೂರಿದ್ದಾರೆ. ವಿಐಪಿ ಪ್ರದೇಶಗಳಲ್ಲೇ ಈ ಸ್ಥಿತಿಯಾದರೆ ಸಾಮಾನ್ಯ ಜನರ ಗತಿ ಏನು ಎಂದು ಪ್ರಶ್ನಿಸಿದ್ದಾರೆ.
ದೆಹಲಿಯಲ್ಲಿ ಸುರಿದ ಧಾರಾಕಾರ ಮಳೆ ನಗರವನ್ನು ಸಂಪೂರ್ಣ ಜಲಾವೃತಗೊಳಿಸಿದೆ. ಸಮಾಜವಾದಿ ಪಕ್ಷದ ಸಂಸದ ರಾಮ್ ಗೋಪಾಲ್ ಯಾದವ್ ಅವರ ನಿವಾಸಕ್ಕೂ ನೀರು ನುಗ್ಗಿದ್ದು, ಸಿಬ್ಬಂದಿ ಅವರನ್ನು ಎತ್ತಿಕೊಂಡು ಕಾರಿನಲ್ಲಿ ಕೂರಿಸುತ್ತಿರುವ ವಿಡಿಯೋ ವೈರಲ್ ಆಗಿದೆ. ಸಂಸತ್ ಅಧಿವೇಶನಕ್ಕೆ ತೆರಳಲು ಮನೆಯಿಂದ ಹೊರಬಂದಾಗ ಈ ಘಟನೆ ನಡೆದಿದೆ. ನವದೆಹಲಿ ಮುನ್ಸಿಪಲ್ ಕೌನ್ಸಿಲ್ ಮತ್ತು ಲೋಕೋಪಯೋಗಿ ಇಲಾಖೆಯ ನಿರ್ಲಕ್ಷ್ಯದ ಬಗ್ಗೆ ಸಂಸದರು ಅಸಮಾಧಾನ ವ್ಯಕ್ತಪಡಿಸಿದ್ದಾರೆ. ದೆಹಲಿ ಪಾಲಿಕೆ ವಿರುದ್ಧ ಯಾದವ್ ಆಕ್ರೋಶ: ನಾನು ನಾಲ್ಕು ಗಂಟೆಯಿಂದ ಎಲ್ಲರಿಗೂ ಕರೆ ಮಾಡುತ್ತಿದ್ದೆ, ಯಾರೂ ಸ್ಪಂದಿಸಲಿಲ್ಲ ಎಂದು ಆರೋಪಿಸಿದರು. ನಗರದ ಒಳಚರಂಡಿ ವ್ಯವಸ್ಥೆ ಕುಸಿದಿದೆ. ಇದು ಸರ್ಕಾರದ ವೈಫಲ್ಯ ಎಂದು ಅವರು ದೂರಿದ್ದಾರೆ. ವಿಐಪಿ ಪ್ರದೇಶಗಳಲ್ಲೇ ಈ
